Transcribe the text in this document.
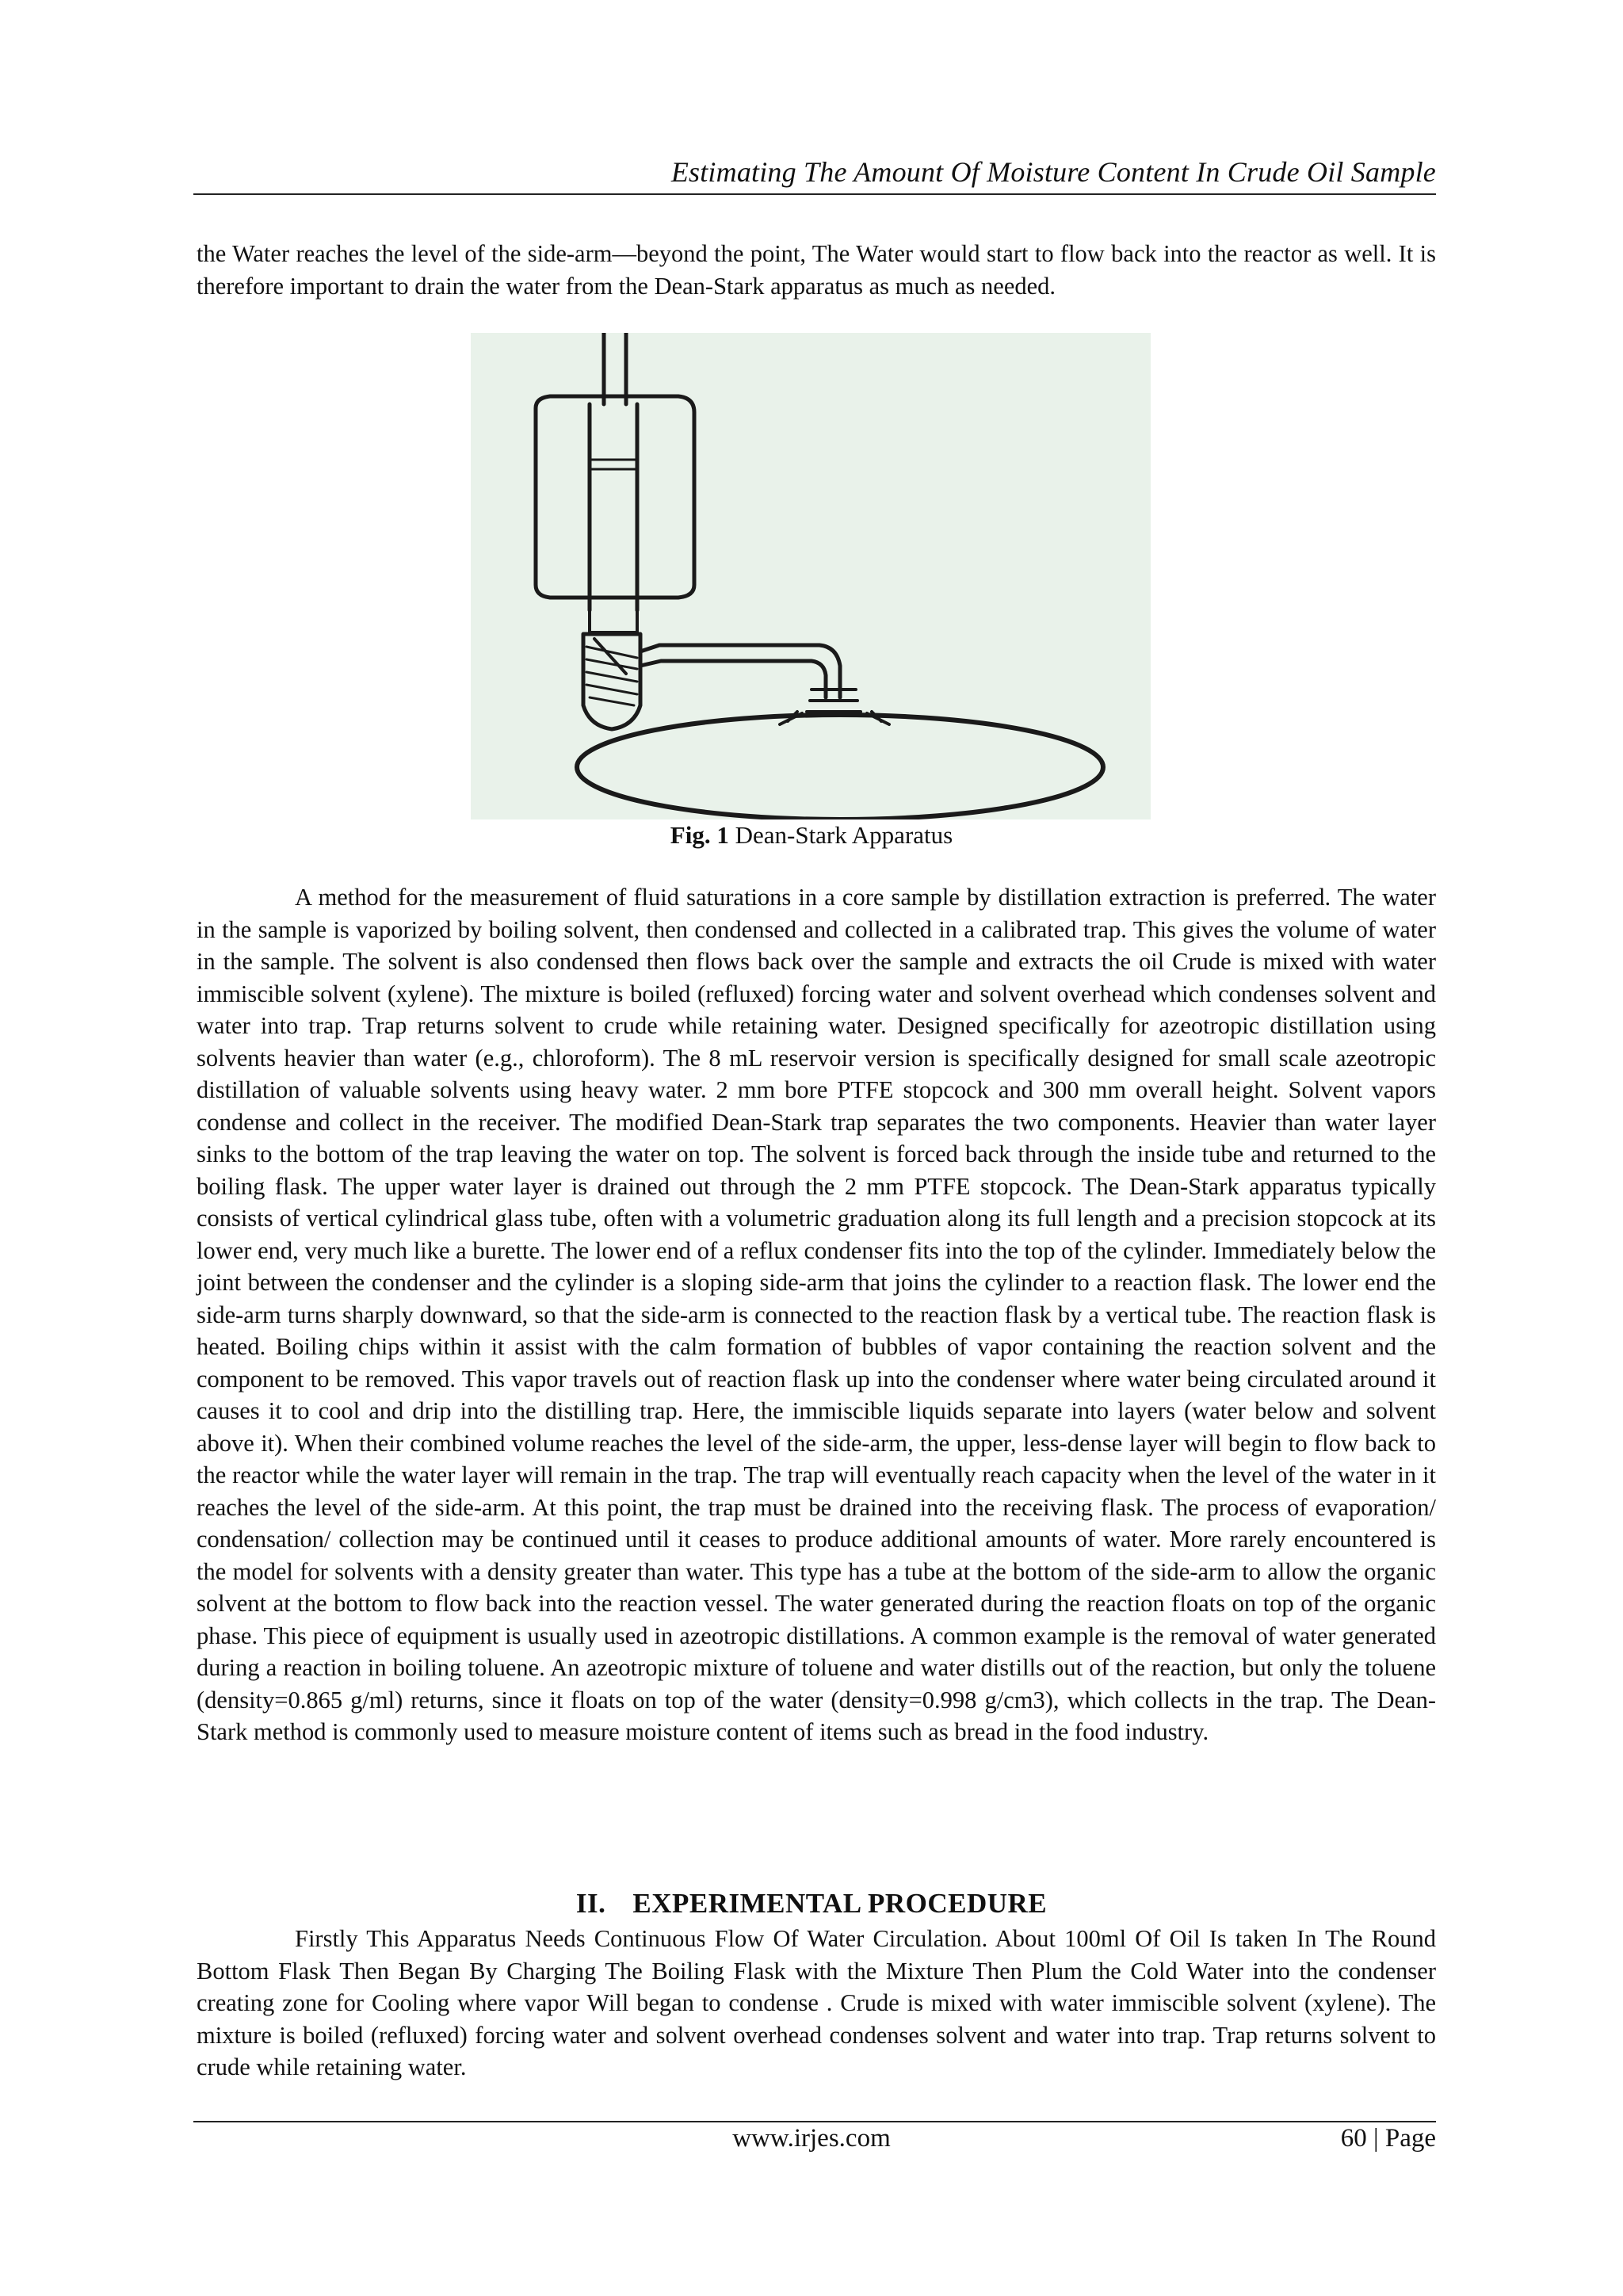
Estimating The Amount Of Moisture Content In Crude Oil Sample

the Water reaches the level of the side-arm—beyond the point, The Water would start to flow back into the reactor as well. It is therefore important to drain the water from the Dean-Stark apparatus as much as needed.

Fig. 1 Dean-Stark Apparatus

A method for the measurement of fluid saturations in a core sample by distillation extraction is preferred. The water in the sample is vaporized by boiling solvent, then condensed and collected in a calibrated trap. This gives the volume of water in the sample. The solvent is also condensed then flows back over the sample and extracts the oil Crude is mixed with water immiscible solvent (xylene). The mixture is boiled (refluxed) forcing water and solvent overhead which condenses solvent and water into trap. Trap returns solvent to crude while retaining water. Designed specifically for azeotropic distillation using solvents heavier than water (e.g., chloroform). The 8 mL reservoir version is specifically designed for small scale azeotropic distillation of valuable solvents using heavy water. 2 mm bore PTFE stopcock and 300 mm overall height. Solvent vapors condense and collect in the receiver. The modified Dean-Stark trap separates the two components. Heavier than water layer sinks to the bottom of the trap leaving the water on top. The solvent is forced back through the inside tube and returned to the boiling flask. The upper water layer is drained out through the 2 mm PTFE stopcock. The Dean-Stark apparatus typically consists of vertical cylindrical glass tube, often with a volumetric graduation along its full length and a precision stopcock at its lower end, very much like a burette. The lower end of a reflux condenser fits into the top of the cylinder. Immediately below the joint between the condenser and the cylinder is a sloping side-arm that joins the cylinder to a reaction flask. The lower end the side-arm turns sharply downward, so that the side-arm is connected to the reaction flask by a vertical tube. The reaction flask is heated. Boiling chips within it assist with the calm formation of bubbles of vapor containing the reaction solvent and the component to be removed. This vapor travels out of reaction flask up into the condenser where water being circulated around it causes it to cool and drip into the distilling trap. Here, the immiscible liquids separate into layers (water below and solvent above it). When their combined volume reaches the level of the side-arm, the upper, less-dense layer will begin to flow back to the reactor while the water layer will remain in the trap. The trap will eventually reach capacity when the level of the water in it reaches the level of the side-arm. At this point, the trap must be drained into the receiving flask. The process of evaporation/ condensation/ collection may be continued until it ceases to produce additional amounts of water. More rarely encountered is the model for solvents with a density greater than water. This type has a tube at the bottom of the side-arm to allow the organic solvent at the bottom to flow back into the reaction vessel. The water generated during the reaction floats on top of the organic phase. This piece of equipment is usually used in azeotropic distillations. A common example is the removal of water generated during a reaction in boiling toluene. An azeotropic mixture of toluene and water distills out of the reaction, but only the toluene (density=0.865 g/ml) returns, since it floats on top of the water (density=0.998 g/cm3), which collects in the trap. The Dean-Stark method is commonly used to measure moisture content of items such as bread in the food industry.

II. EXPERIMENTAL PROCEDURE

Firstly This Apparatus Needs Continuous Flow Of Water Circulation. About 100ml Of Oil Is taken In The Round Bottom Flask Then Began By Charging The Boiling Flask with the Mixture Then Plum the Cold Water into the condenser creating zone for Cooling where vapor Will began to condense . Crude is mixed with water immiscible solvent (xylene). The mixture is boiled (refluxed) forcing water and solvent overhead condenses solvent and water into trap. Trap returns solvent to crude while retaining water.

www.irjes.com	60 | Page
